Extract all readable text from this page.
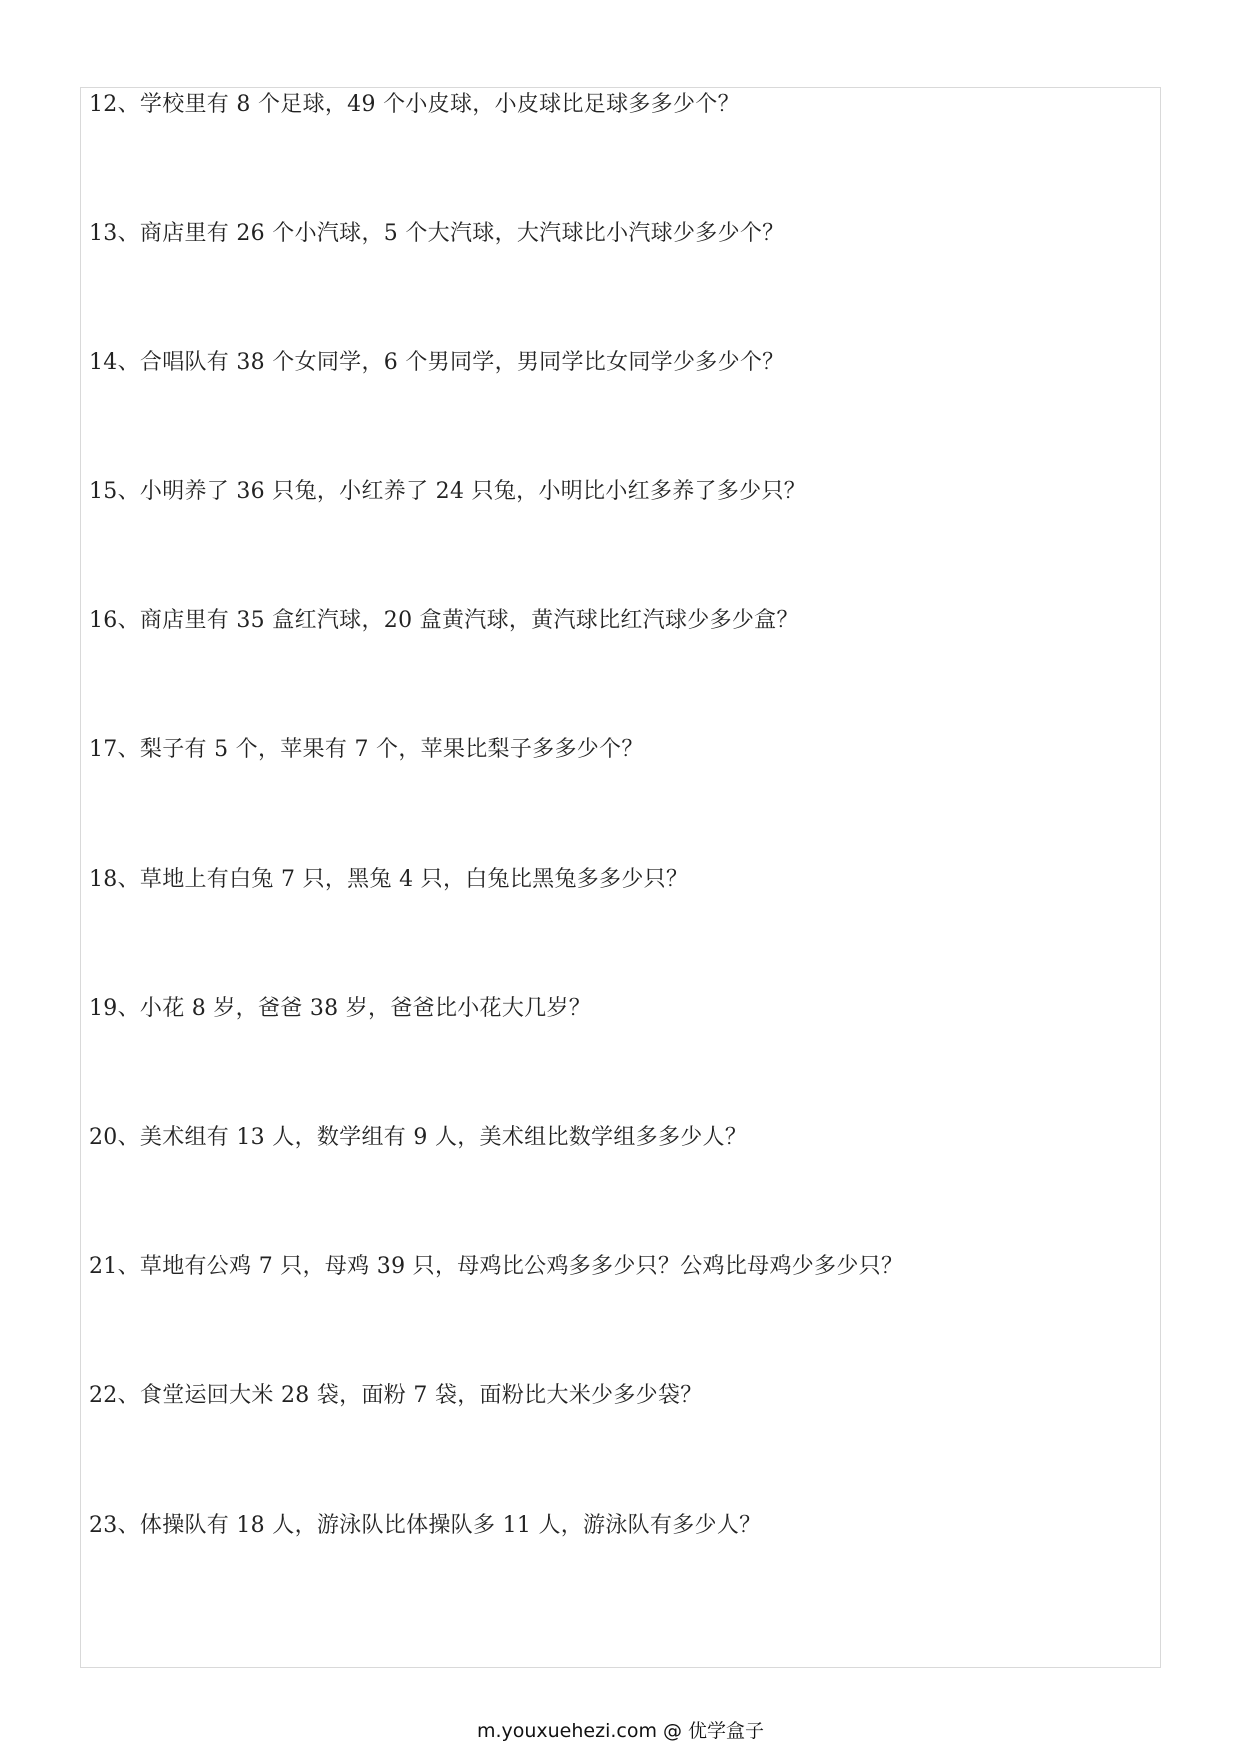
12、学校里有 8 个足球，49 个小皮球，小皮球比足球多多少个？
13、商店里有 26 个小汽球，5 个大汽球，大汽球比小汽球少多少个？
14、合唱队有 38 个女同学，6 个男同学，男同学比女同学少多少个？
15、小明养了 36 只兔，小红养了 24 只兔，小明比小红多养了多少只？
16、商店里有 35 盒红汽球，20 盒黄汽球，黄汽球比红汽球少多少盒？
17、梨子有 5 个，苹果有 7 个，苹果比梨子多多少个？
18、草地上有白兔 7 只，黑兔 4 只，白兔比黑兔多多少只？
19、小花 8 岁，爸爸 38 岁，爸爸比小花大几岁？
20、美术组有 13 人，数学组有 9 人，美术组比数学组多多少人？
21、草地有公鸡 7 只，母鸡 39 只，母鸡比公鸡多多少只？公鸡比母鸡少多少只？
22、食堂运回大米 28 袋，面粉 7 袋，面粉比大米少多少袋？
23、体操队有 18 人，游泳队比体操队多 11 人，游泳队有多少人？
m.youxuehezi.com @ 优学盒子
